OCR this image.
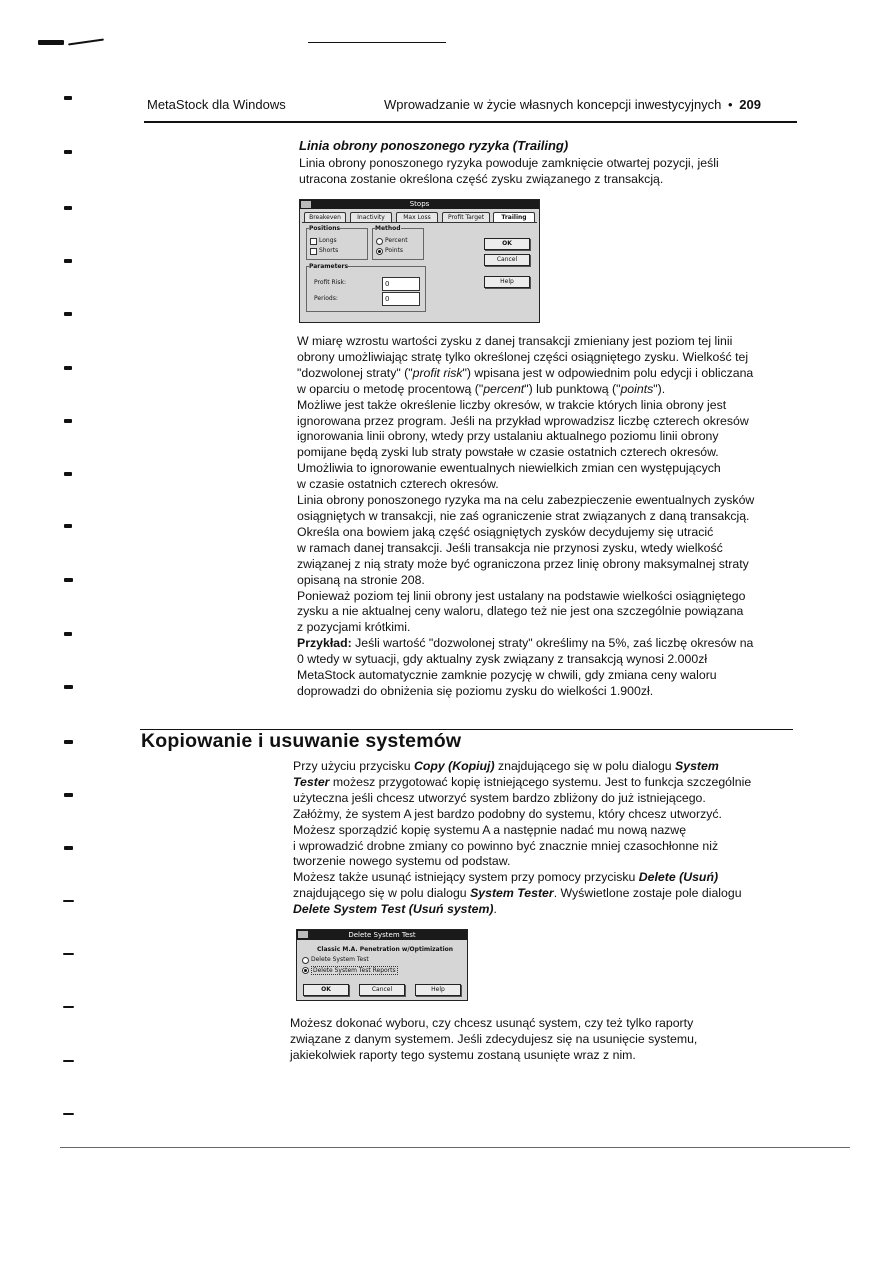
MetaStock dla Windows	Wprowadzanie w życie własnych koncepcji inwestycyjnych • 209
Linia obrony ponoszonego ryzyka (Trailing)

Linia obrony ponoszonego ryzyka powoduje zamknięcie otwartej pozycji, jeśli

utracona zostanie określona część zysku związanego z transakcją.

Stops
Breakeven	Inactivity	Max Loss	Profit Target	Trailing
Positions
Longs
Shorts
Method
Percent
Points
Parameters
Profit Risk:	0
Periods:	0
OK
Cancel
Help

W miarę wzrostu wartości zysku z danej transakcji zmieniany jest poziom tej linii

obrony umożliwiając stratę tylko określonej części osiągniętego zysku. Wielkość tej

"dozwolonej straty" ("profit risk") wpisana jest w odpowiednim polu edycji i obliczana

w oparciu o metodę procentową ("percent") lub punktową ("points").

Możliwe jest także określenie liczby okresów, w trakcie których linia obrony jest

ignorowana przez program. Jeśli na przykład wprowadzisz liczbę czterech okresów

ignorowania linii obrony, wtedy przy ustalaniu aktualnego poziomu linii obrony

pomijane będą zyski lub straty powstałe w czasie ostatnich czterech okresów.

Umożliwia to ignorowanie ewentualnych niewielkich zmian cen występujących

w czasie ostatnich czterech okresów.

Linia obrony ponoszonego ryzyka ma na celu zabezpieczenie ewentualnych zysków

osiągniętych w transakcji, nie zaś ograniczenie strat związanych z daną transakcją.

Określa ona bowiem jaką część osiągniętych zysków decydujemy się utracić

w ramach danej transakcji. Jeśli transakcja nie przynosi zysku, wtedy wielkość

związanej z nią straty może być ograniczona przez linię obrony maksymalnej straty

opisaną na stronie 208.

Ponieważ poziom tej linii obrony jest ustalany na podstawie wielkości osiągniętego

zysku a nie aktualnej ceny waloru, dlatego też nie jest ona szczególnie powiązana

z pozycjami krótkimi.

Przykład: Jeśli wartość "dozwolonej straty" określimy na 5%, zaś liczbę okresów na

0 wtedy w sytuacji, gdy aktualny zysk związany z transakcją wynosi 2.000zł

MetaStock automatycznie zamknie pozycję w chwili, gdy zmiana ceny waloru

doprowadzi do obniżenia się poziomu zysku do wielkości 1.900zł.

Kopiowanie i usuwanie systemów

Przy użyciu przycisku Copy (Kopiuj) znajdującego się w polu dialogu System

Tester możesz przygotować kopię istniejącego systemu. Jest to funkcja szczególnie

użyteczna jeśli chcesz utworzyć system bardzo zbliżony do już istniejącego.

Załóżmy, że system A jest bardzo podobny do systemu, który chcesz utworzyć.

Możesz sporządzić kopię systemu A a następnie nadać mu nową nazwę

i wprowadzić drobne zmiany co powinno być znacznie mniej czasochłonne niż

tworzenie nowego systemu od podstaw.

Możesz także usunąć istniejący system przy pomocy przycisku Delete (Usuń)

znajdującego się w polu dialogu System Tester. Wyświetlone zostaje pole dialogu

Delete System Test (Usuń system).

Delete System Test
Classic M.A. Penetration w/Optimization
Delete System Test
Delete System Test Reports
OK	Cancel	Help

Możesz dokonać wyboru, czy chcesz usunąć system, czy też tylko raporty

związane z danym systemem. Jeśli zdecydujesz się na usunięcie systemu,

jakiekolwiek raporty tego systemu zostaną usunięte wraz z nim.
